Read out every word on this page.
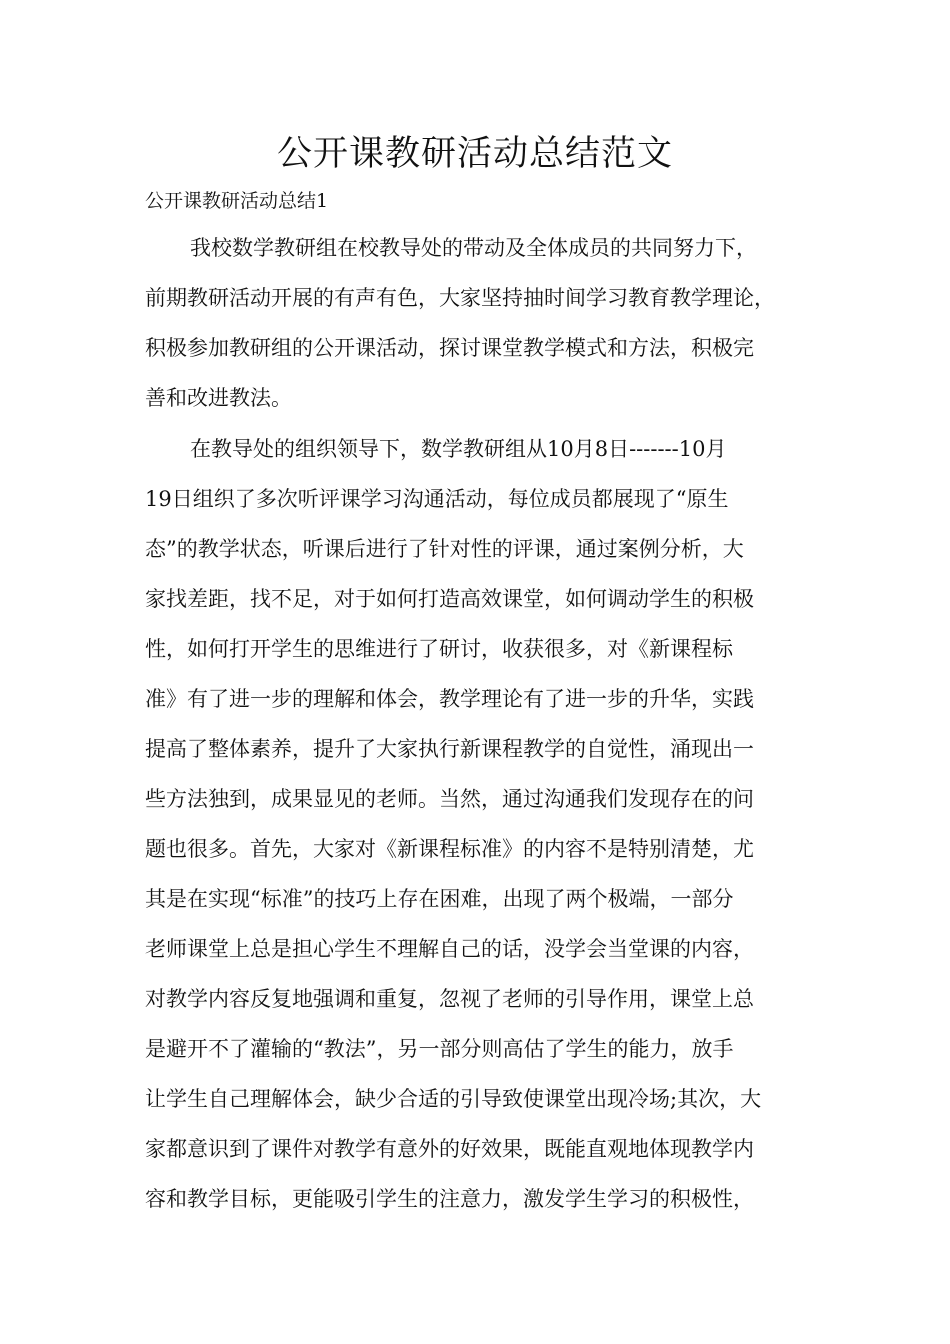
公开课教研活动总结范文

公开课教研活动总结1

我校数学教研组在校教导处的带动及全体成员的共同努力下，
前期教研活动开展的有声有色，大家坚持抽时间学习教育教学理论，
积极参加教研组的公开课活动，探讨课堂教学模式和方法，积极完
善和改进教法。
在教导处的组织领导下，数学教研组从10月8日-------10月
19日组织了多次听评课学习沟通活动，每位成员都展现了“原生
态”的教学状态，听课后进行了针对性的评课，通过案例分析，大
家找差距，找不足，对于如何打造高效课堂，如何调动学生的积极
性，如何打开学生的思维进行了研讨，收获很多，对《新课程标
准》有了进一步的理解和体会，教学理论有了进一步的升华，实践
提高了整体素养，提升了大家执行新课程教学的自觉性，涌现出一
些方法独到，成果显见的老师。当然，通过沟通我们发现存在的问
题也很多。首先，大家对《新课程标准》的内容不是特别清楚，尤
其是在实现“标准”的技巧上存在困难，出现了两个极端，一部分
老师课堂上总是担心学生不理解自己的话，没学会当堂课的内容，
对教学内容反复地强调和重复，忽视了老师的引导作用，课堂上总
是避开不了灌输的“教法”，另一部分则高估了学生的能力，放手
让学生自己理解体会，缺少合适的引导致使课堂出现冷场;其次，大
家都意识到了课件对教学有意外的好效果，既能直观地体现教学内
容和教学目标，更能吸引学生的注意力，激发学生学习的积极性，
